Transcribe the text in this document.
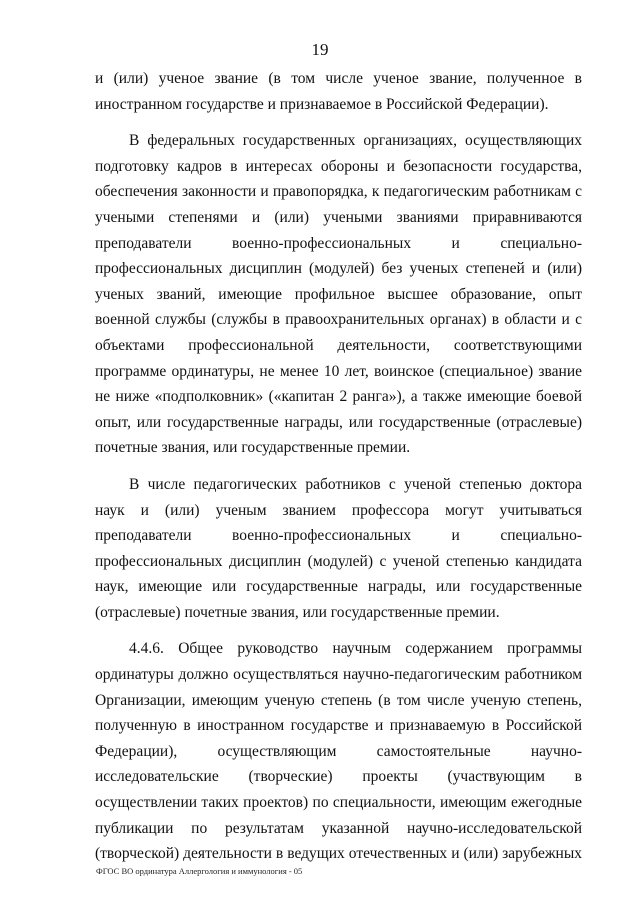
19

и (или) ученое звание (в том числе ученое звание, полученное в иностранном государстве и признаваемое в Российской Федерации).

В федеральных государственных организациях, осуществляющих подготовку кадров в интересах обороны и безопасности государства, обеспечения законности и правопорядка, к педагогическим работникам с учеными степенями и (или) учеными званиями приравниваются преподаватели военно-профессиональных и специально-профессиональных дисциплин (модулей) без ученых степеней и (или) ученых званий, имеющие профильное высшее образование, опыт военной службы (службы в правоохранительных органах) в области и с объектами профессиональной деятельности, соответствующими программе ординатуры, не менее 10 лет, воинское (специальное) звание не ниже «подполковник» («капитан 2 ранга»), а также имеющие боевой опыт, или государственные награды, или государственные (отраслевые) почетные звания, или государственные премии.

В числе педагогических работников с ученой степенью доктора наук и (или) ученым званием профессора могут учитываться преподаватели военно-профессиональных и специально-профессиональных дисциплин (модулей) с ученой степенью кандидата наук, имеющие или государственные награды, или государственные (отраслевые) почетные звания, или государственные премии.

4.4.6. Общее руководство научным содержанием программы ординатуры должно осуществляться научно-педагогическим работником Организации, имеющим ученую степень (в том числе ученую степень, полученную в иностранном государстве и признаваемую в Российской Федерации), осуществляющим самостоятельные научно-исследовательские (творческие) проекты (участвующим в осуществлении таких проектов) по специальности, имеющим ежегодные публикации по результатам указанной научно-исследовательской (творческой) деятельности в ведущих отечественных и (или) зарубежных

ФГОС ВО ординатура Аллергология и иммунология - 05
